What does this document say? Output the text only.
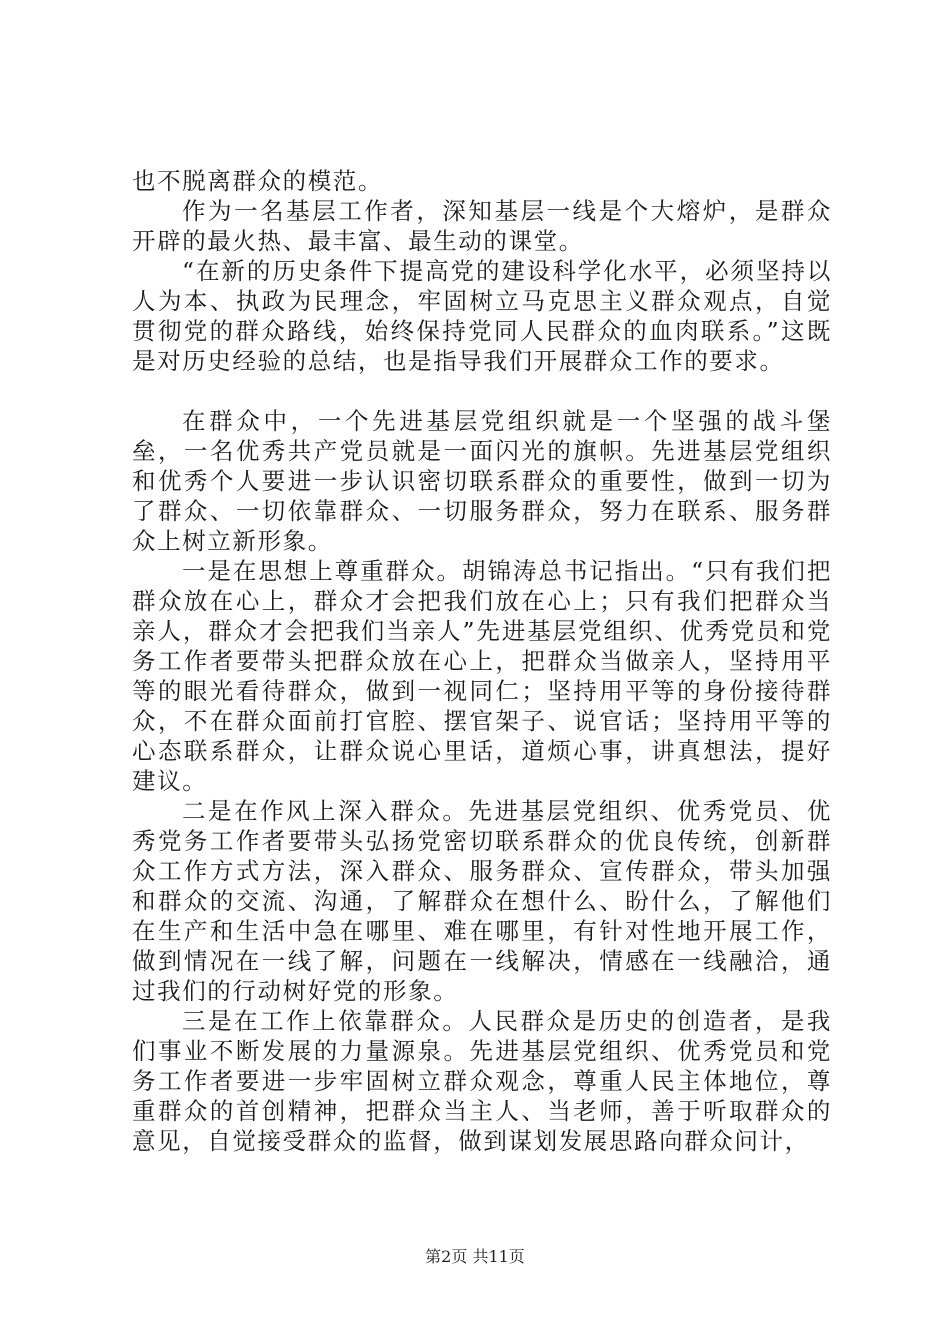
也不脱离群众的模范。

作为一名基层工作者，深知基层一线是个大熔炉，是群众开辟的最火热、最丰富、最生动的课堂。

“在新的历史条件下提高党的建设科学化水平，必须坚持以人为本、执政为民理念，牢固树立马克思主义群众观点，自觉贯彻党的群众路线，始终保持党同人民群众的血肉联系。”这既是对历史经验的总结，也是指导我们开展群众工作的要求。

在群众中，一个先进基层党组织就是一个坚强的战斗堡垒，一名优秀共产党员就是一面闪光的旗帜。先进基层党组织和优秀个人要进一步认识密切联系群众的重要性，做到一切为了群众、一切依靠群众、一切服务群众，努力在联系、服务群众上树立新形象。

一是在思想上尊重群众。胡锦涛总书记指出。“只有我们把群众放在心上，群众才会把我们放在心上；只有我们把群众当亲人，群众才会把我们当亲人”先进基层党组织、优秀党员和党务工作者要带头把群众放在心上，把群众当做亲人，坚持用平等的眼光看待群众，做到一视同仁；坚持用平等的身份接待群众，不在群众面前打官腔、摆官架子、说官话；坚持用平等的心态联系群众，让群众说心里话，道烦心事，讲真想法，提好建议。

二是在作风上深入群众。先进基层党组织、优秀党员、优秀党务工作者要带头弘扬党密切联系群众的优良传统，创新群众工作方式方法，深入群众、服务群众、宣传群众，带头加强和群众的交流、沟通，了解群众在想什么、盼什么，了解他们在生产和生活中急在哪里、难在哪里，有针对性地开展工作，做到情况在一线了解，问题在一线解决，情感在一线融洽，通过我们的行动树好党的形象。

三是在工作上依靠群众。人民群众是历史的创造者，是我们事业不断发展的力量源泉。先进基层党组织、优秀党员和党务工作者要进一步牢固树立群众观念，尊重人民主体地位，尊重群众的首创精神，把群众当主人、当老师，善于听取群众的意见，自觉接受群众的监督，做到谋划发展思路向群众问计，

第2页 共11页
